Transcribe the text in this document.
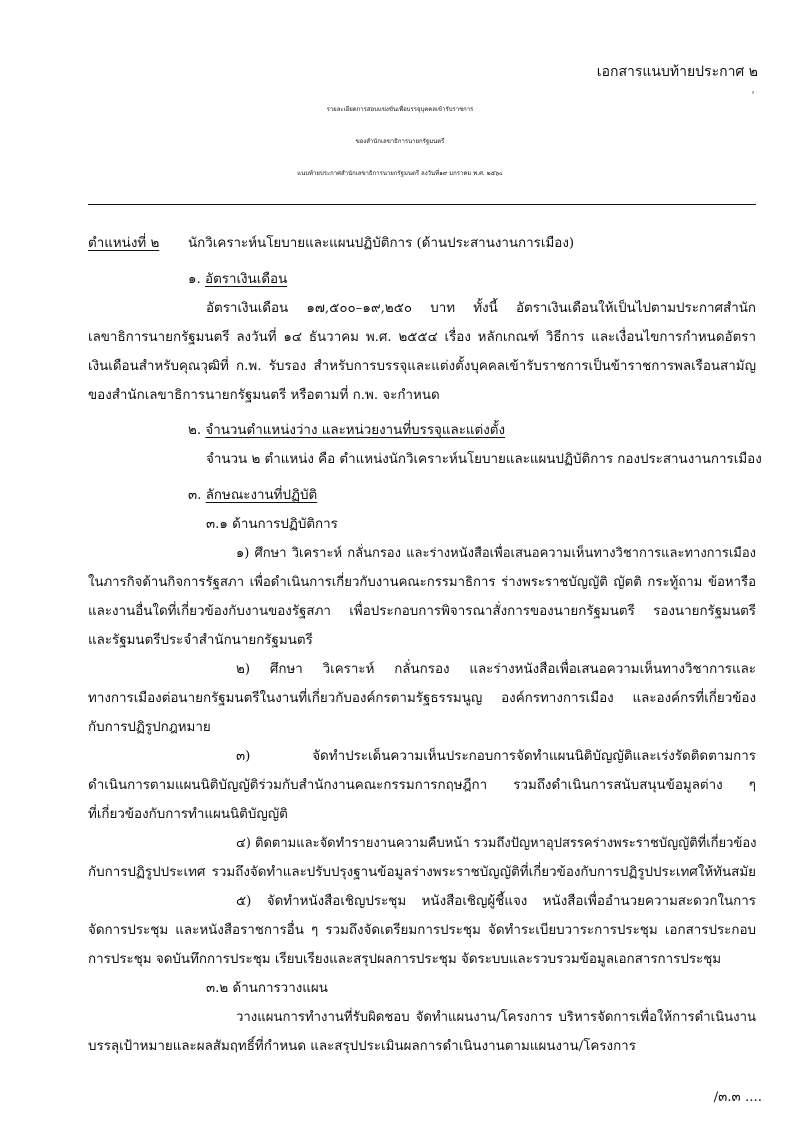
เอกสารแนบท้ายประกาศ ๒
ˊ
รายละเอียดการสอบแข่งขันเพื่อบรรจุบุคคลเข้ารับราชการ
ของสำนักเลขาธิการนายกรัฐมนตรี
แนบท้ายประกาศสำนักเลขาธิการนายกรัฐมนตรี ลงวันที่๑๙ มกราคม พ.ศ. ๒๕๖๐
ตำแหน่งที่ ๒ นักวิเคราะห์นโยบายและแผนปฏิบัติการ (ด้านประสานงานการเมือง)
๑. อัตราเงินเดือน
อัตราเงินเดือน ๑๗,๕๐๐–๑๙,๒๕๐ บาท ทั้งนี้ อัตราเงินเดือนให้เป็นไปตามประกาศสำนัก
เลขาธิการนายกรัฐมนตรี ลงวันที่ ๑๔ ธันวาคม พ.ศ. ๒๕๕๔ เรื่อง หลักเกณฑ์ วิธีการ และเงื่อนไขการกำหนดอัตรา
เงินเดือนสำหรับคุณวุฒิที่ ก.พ. รับรอง สำหรับการบรรจุและแต่งตั้งบุคคลเข้ารับราชการเป็นข้าราชการพลเรือนสามัญ
ของสำนักเลขาธิการนายกรัฐมนตรี หรือตามที่ ก.พ. จะกำหนด
๒. จำนวนตำแหน่งว่าง และหน่วยงานที่บรรจุและแต่งตั้ง
จำนวน ๒ ตำแหน่ง คือ ตำแหน่งนักวิเคราะห์นโยบายและแผนปฏิบัติการ กองประสานงานการเมือง
๓. ลักษณะงานที่ปฏิบัติ
๓.๑ ด้านการปฏิบัติการ
๑) ศึกษา วิเคราะห์ กลั่นกรอง และร่างหนังสือเพื่อเสนอความเห็นทางวิชาการและทางการเมือง
ในภารกิจด้านกิจการรัฐสภา เพื่อดำเนินการเกี่ยวกับงานคณะกรรมาธิการ ร่างพระราชบัญญัติ ญัตติ กระทู้ถาม ข้อหารือ
และงานอื่นใดที่เกี่ยวข้องกับงานของรัฐสภา เพื่อประกอบการพิจารณาสั่งการของนายกรัฐมนตรี รองนายกรัฐมนตรี
และรัฐมนตรีประจำสำนักนายกรัฐมนตรี
๒) ศึกษา วิเคราะห์ กลั่นกรอง และร่างหนังสือเพื่อเสนอความเห็นทางวิชาการและ
ทางการเมืองต่อนายกรัฐมนตรีในงานที่เกี่ยวกับองค์กรตามรัฐธรรมนูญ องค์กรทางการเมือง และองค์กรที่เกี่ยวข้อง
กับการปฏิรูปกฎหมาย
๓) จัดทำประเด็นความเห็นประกอบการจัดทำแผนนิติบัญญัติและเร่งรัดติดตามการ
ดำเนินการตามแผนนิติบัญญัติร่วมกับสำนักงานคณะกรรมการกฤษฎีกา รวมถึงดำเนินการสนับสนุนข้อมูลต่าง ๆ
ที่เกี่ยวข้องกับการทำแผนนิติบัญญัติ
๔) ติดตามและจัดทำรายงานความคืบหน้า รวมถึงปัญหาอุปสรรคร่างพระราชบัญญัติที่เกี่ยวข้อง
กับการปฏิรูปประเทศ รวมถึงจัดทำและปรับปรุงฐานข้อมูลร่างพระราชบัญญัติที่เกี่ยวข้องกับการปฏิรูปประเทศให้ทันสมัย
๕) จัดทำหนังสือเชิญประชุม หนังสือเชิญผู้ชี้แจง หนังสือเพื่ออำนวยความสะดวกในการ
จัดการประชุม และหนังสือราชการอื่น ๆ รวมถึงจัดเตรียมการประชุม จัดทำระเบียบวาระการประชุม เอกสารประกอบ
การประชุม จดบันทึกการประชุม เรียบเรียงและสรุปผลการประชุม จัดระบบและรวบรวมข้อมูลเอกสารการประชุม
๓.๒ ด้านการวางแผน
วางแผนการทำงานที่รับผิดชอบ จัดทำแผนงาน/โครงการ บริหารจัดการเพื่อให้การดำเนินงาน
บรรลุเป้าหมายและผลสัมฤทธิ์ที่กำหนด และสรุปประเมินผลการดำเนินงานตามแผนงาน/โครงการ
/๓.๓ ....
